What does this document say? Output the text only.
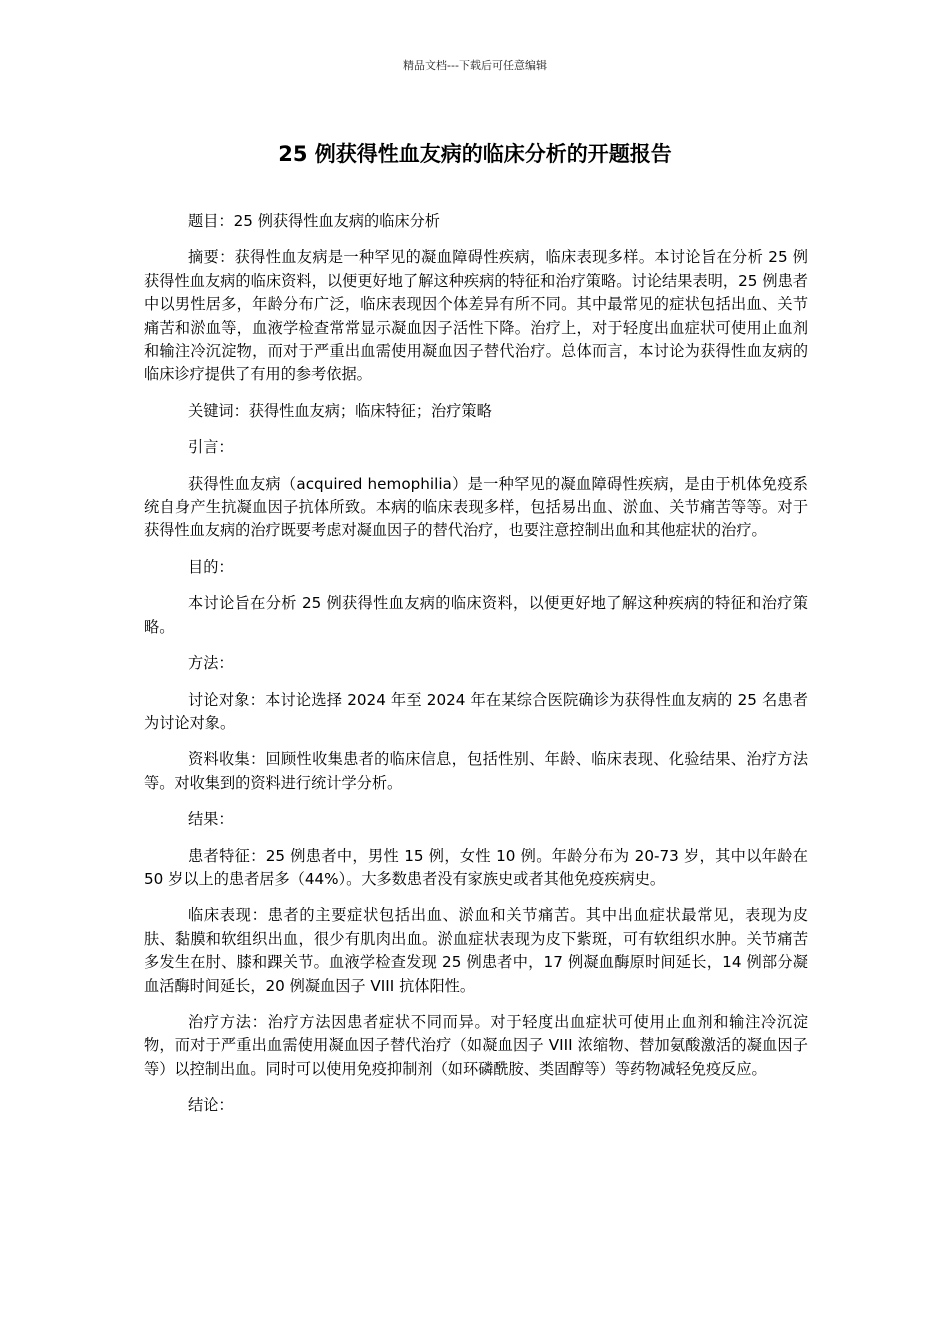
精品文档---下载后可任意编辑
25 例获得性血友病的临床分析的开题报告

题目：25 例获得性血友病的临床分析

摘要：获得性血友病是一种罕见的凝血障碍性疾病，临床表现多样。本讨论旨在分析 25 例获得性血友病的临床资料，以便更好地了解这种疾病的特征和治疗策略。讨论结果表明，25 例患者中以男性居多，年龄分布广泛，临床表现因个体差异有所不同。其中最常见的症状包括出血、关节痛苦和淤血等，血液学检查常常显示凝血因子活性下降。治疗上，对于轻度出血症状可使用止血剂和输注冷沉淀物，而对于严重出血需使用凝血因子替代治疗。总体而言，本讨论为获得性血友病的临床诊疗提供了有用的参考依据。

关键词：获得性血友病；临床特征；治疗策略

引言：

获得性血友病（acquired hemophilia）是一种罕见的凝血障碍性疾病，是由于机体免疫系统自身产生抗凝血因子抗体所致。本病的临床表现多样，包括易出血、淤血、关节痛苦等等。对于获得性血友病的治疗既要考虑对凝血因子的替代治疗，也要注意控制出血和其他症状的治疗。

目的：

本讨论旨在分析 25 例获得性血友病的临床资料，以便更好地了解这种疾病的特征和治疗策略。

方法：

讨论对象：本讨论选择 2024 年至 2024 年在某综合医院确诊为获得性血友病的 25 名患者为讨论对象。

资料收集：回顾性收集患者的临床信息，包括性别、年龄、临床表现、化验结果、治疗方法等。对收集到的资料进行统计学分析。

结果：

患者特征：25 例患者中，男性 15 例，女性 10 例。年龄分布为 20-73 岁，其中以年龄在 50 岁以上的患者居多（44%）。大多数患者没有家族史或者其他免疫疾病史。

临床表现：患者的主要症状包括出血、淤血和关节痛苦。其中出血症状最常见，表现为皮肤、黏膜和软组织出血，很少有肌肉出血。淤血症状表现为皮下紫斑，可有软组织水肿。关节痛苦多发生在肘、膝和踝关节。血液学检查发现 25 例患者中，17 例凝血酶原时间延长，14 例部分凝血活酶时间延长，20 例凝血因子 VIII 抗体阳性。

治疗方法：治疗方法因患者症状不同而异。对于轻度出血症状可使用止血剂和输注冷沉淀物，而对于严重出血需使用凝血因子替代治疗（如凝血因子 VIII 浓缩物、替加氨酸激活的凝血因子等）以控制出血。同时可以使用免疫抑制剂（如环磷酰胺、类固醇等）等药物减轻免疫反应。

结论：
